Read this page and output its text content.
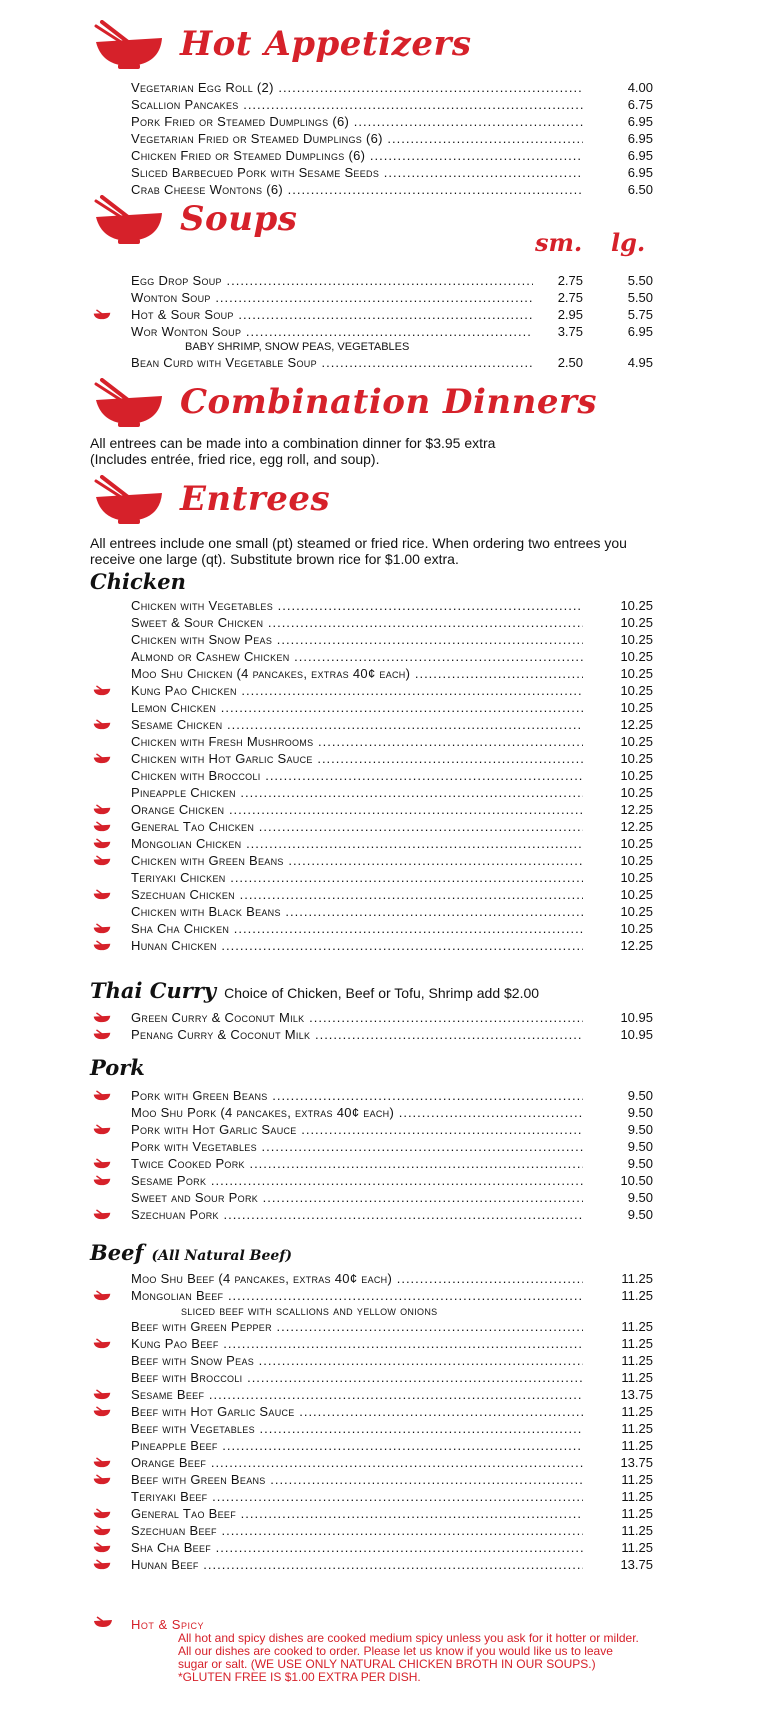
Hot Appetizers
Vegetarian Egg Roll (2) .....	4.00
Scallion Pancakes .....	6.75
Pork Fried or Steamed Dumplings (6) .....	6.95
Vegetarian Fried or Steamed Dumplings (6) .....	6.95
Chicken Fried or Steamed Dumplings (6) .....	6.95
Sliced Barbecued Pork with Sesame Seeds .....	6.95
Crab Cheese Wontons (6) .....	6.50
Soups
sm. lg.
Egg Drop Soup .....	2.75	5.50
Wonton Soup .....	2.75	5.50
Hot & Sour Soup .....	2.95	5.75
Wor Wonton Soup .....	3.75	6.95
BABY SHRIMP, SNOW PEAS, VEGETABLES
Bean Curd with Vegetable Soup .....	2.50	4.95
Combination Dinners
All entrees can be made into a combination dinner for $3.95 extra
(Includes entrée, fried rice, egg roll, and soup).
Entrees
All entrees include one small (pt) steamed or fried rice. When ordering two entrees you
receive one large (qt). Substitute brown rice for $1.00 extra.
Chicken
Chicken with Vegetables .....	10.25
Sweet & Sour Chicken .....	10.25
Chicken with Snow Peas .....	10.25
Almond or Cashew Chicken .....	10.25
Moo Shu Chicken (4 pancakes, extras 40¢ each) .....	10.25
Kung Pao Chicken .....	10.25
Lemon Chicken .....	10.25
Sesame Chicken .....	12.25
Chicken with Fresh Mushrooms .....	10.25
Chicken with Hot Garlic Sauce .....	10.25
Chicken with Broccoli .....	10.25
Pineapple Chicken .....	10.25
Orange Chicken .....	12.25
General Tao Chicken .....	12.25
Mongolian Chicken .....	10.25
Chicken with Green Beans .....	10.25
Teriyaki Chicken .....	10.25
Szechuan Chicken .....	10.25
Chicken with Black Beans .....	10.25
Sha Cha Chicken .....	10.25
Hunan Chicken .....	12.25
Thai Curry Choice of Chicken, Beef or Tofu, Shrimp add $2.00
Green Curry & Coconut Milk .....	10.95
Penang Curry & Coconut Milk .....	10.95
Pork
Pork with Green Beans .....	9.50
Moo Shu Pork (4 pancakes, extras 40¢ each) .....	9.50
Pork with Hot Garlic Sauce .....	9.50
Pork with Vegetables .....	9.50
Twice Cooked Pork .....	9.50
Sesame Pork .....	10.50
Sweet and Sour Pork .....	9.50
Szechuan Pork .....	9.50
Beef (All Natural Beef)
Moo Shu Beef (4 pancakes, extras 40¢ each) .....	11.25
Mongolian Beef .....	11.25
sliced beef with scallions and yellow onions
Beef with Green Pepper .....	11.25
Kung Pao Beef .....	11.25
Beef with Snow Peas .....	11.25
Beef with Broccoli .....	11.25
Sesame Beef .....	13.75
Beef with Hot Garlic Sauce .....	11.25
Beef with Vegetables .....	11.25
Pineapple Beef .....	11.25
Orange Beef .....	13.75
Beef with Green Beans .....	11.25
Teriyaki Beef .....	11.25
General Tao Beef .....	11.25
Szechuan Beef .....	11.25
Sha Cha Beef .....	11.25
Hunan Beef .....	13.75
Hot & Spicy
All hot and spicy dishes are cooked medium spicy unless you ask for it hotter or milder.
All our dishes are cooked to order. Please let us know if you would like us to leave
sugar or salt. (WE USE ONLY NATURAL CHICKEN BROTH IN OUR SOUPS.)
*GLUTEN FREE IS $1.00 EXTRA PER DISH.
